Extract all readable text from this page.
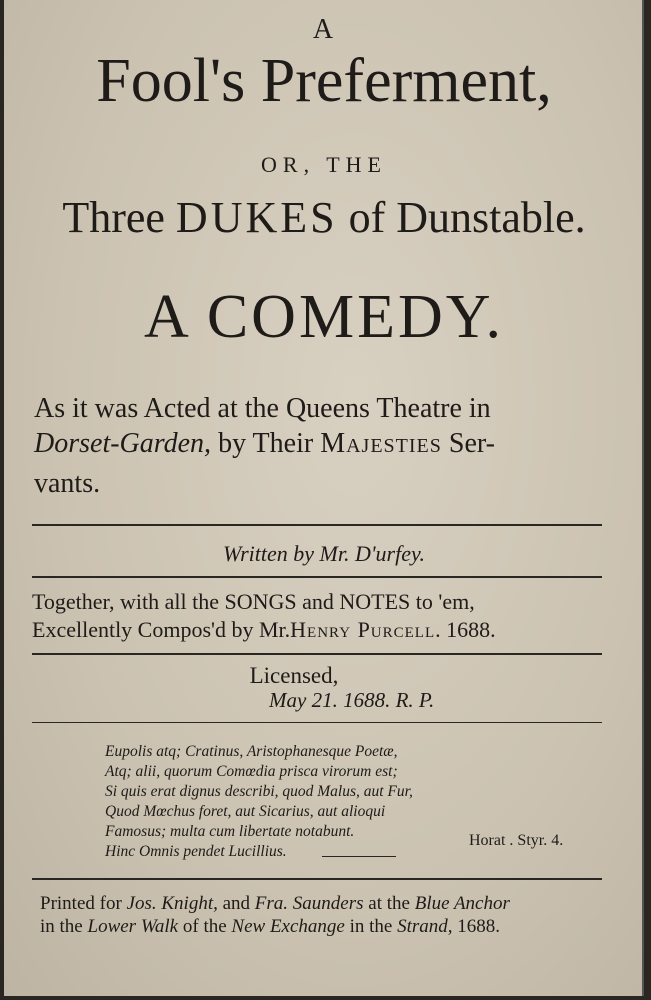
A
Fool's Preferment,
OR, THE
Three DUKES of Dunstable.
A COMEDY.
As it was Acted at the Queens Theatre in
Dorset-Garden, by Their Majesties Ser-
vants.
Written by Mr. D'urfey.
Together, with all the SONGS and NOTES to 'em,
Excellently Compos'd by Mr.Henry Purcell. 1688.
Licensed,
May 21. 1688. R. P.
Eupolis atq; Cratinus, Aristophanesque Poetæ,
Atq; alii, quorum Comœdia prisca virorum est;
Si quis erat dignus describi, quod Malus, aut Fur,
Quod Mœchus foret, aut Sicarius, aut alioqui
Famosus; multa cum libertate notabunt.
Hinc Omnis pendet Lucillius.
Horat . Styr. 4.
Printed for Jos. Knight, and Fra. Saunders at the Blue Anchor
in the Lower Walk of the New Exchange in the Strand, 1688.
